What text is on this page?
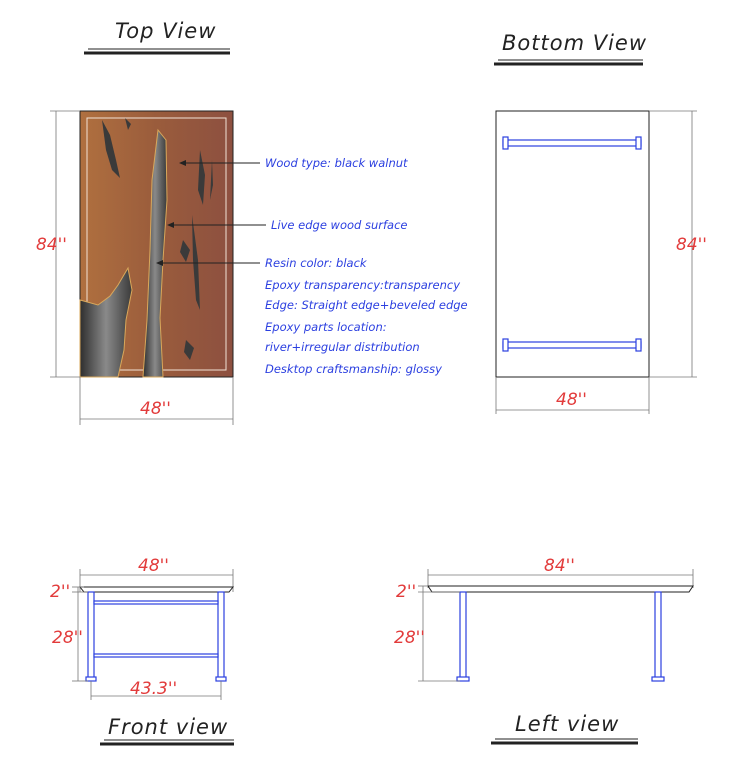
Top View
84''
48''
Wood type: black walnut
Live edge wood surface
Resin color: black
Epoxy transparency:transparency
Edge: Straight edge+beveled edge
Epoxy parts location:
river+irregular distribution
Desktop craftsmanship: glossy
Bottom View
84''
48''
48''
2''
28''
43.3''
Front view
84''
2''
28''
Left view
